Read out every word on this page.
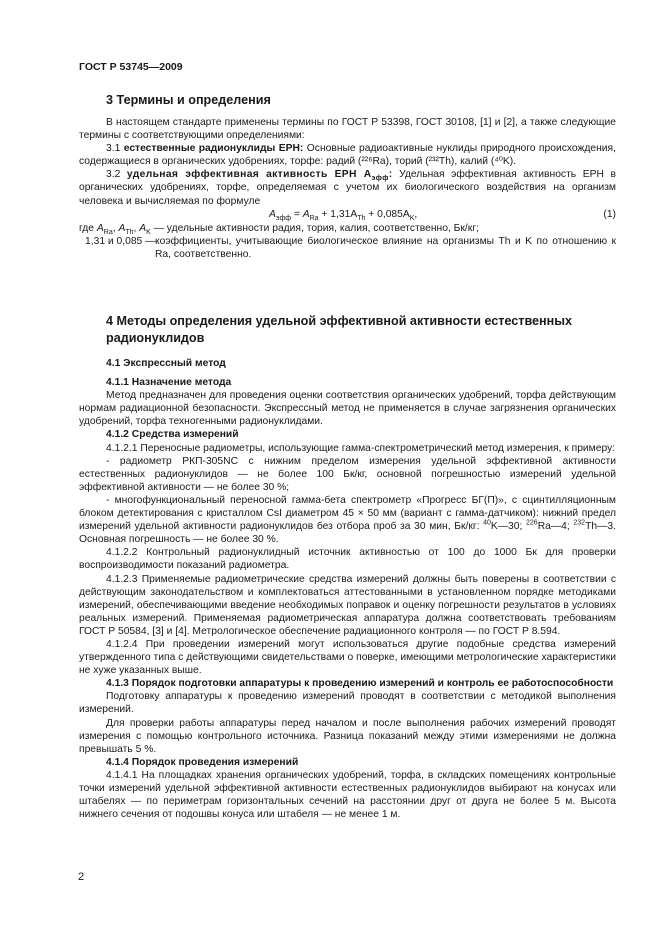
ГОСТ Р 53745—2009
3 Термины и определения

В настоящем стандарте применены термины по ГОСТ Р 53398, ГОСТ 30108, [1] и [2], а также следующие термины с соответствующими определениями:

3.1 естественные радионуклиды ЕРН: Основные радиоактивные нуклиды природного происхождения, содержащиеся в органических удобрениях, торфе: радий (²²⁶Ra), торий (²³²Th), калий (⁴⁰K).

3.2 удельная эффективная активность ЕРН $A_{эфф}$: Удельная эффективная активность ЕРН в органических удобрениях, торфе, определяемая с учетом их биологического воздействия на организм человека и вычисляемая по формуле

$A_{эфф} = A_{Ra} + 1,31A_{Th} + 0,085A_K$,	(1)

где $A_{Ra}$, $A_{Th}$, $A_K$ — удельные активности радия, тория, калия, соответственно, Бк/кг;

1,31 и 0,085 — коэффициенты, учитывающие биологическое влияние на организмы Th и K по отношению к Ra, соответственно.

4 Методы определения удельной эффективной активности естественных радионуклидов

4.1 Экспрессный метод

4.1.1 Назначение метода

Метод предназначен для проведения оценки соответствия органических удобрений, торфа действующим нормам радиационной безопасности. Экспрессный метод не применяется в случае загрязнения органических удобрений, торфа техногенными радионуклидами.

4.1.2 Средства измерений

4.1.2.1 Переносные радиометры, использующие гамма-спектрометрический метод измерения, к примеру:

- радиометр РКП-305NC с нижним пределом измерения удельной эффективной активности естественных радионуклидов — не более 100 Бк/кг, основной погрешностью измерений удельной эффективной активности — не более 30 %;

- многофункциональный переносной гамма-бета спектрометр «Прогресс БГ(П)», с сцинтилляционным блоком детектирования с кристаллом CsI диаметром 45 × 50 мм (вариант с гамма-датчиком): нижний предел измерений удельной активности радионуклидов без отбора проб за 30 мин, Бк/кг: $^{40}$K—30; $^{226}$Ra—4; $^{232}$Th—3. Основная погрешность — не более 30 %.

4.1.2.2 Контрольный радионуклидный источник активностью от 100 до 1000 Бк для проверки воспроизводимости показаний радиометра.

4.1.2.3 Применяемые радиометрические средства измерений должны быть поверены в соответствии с действующим законодательством и комплектоваться аттестованными в установленном порядке методиками измерений, обеспечивающими введение необходимых поправок и оценку погрешности результатов в условиях реальных измерений. Применяемая радиометрическая аппаратура должна соответствовать требованиям ГОСТ Р 50584, [3] и [4]. Метрологическое обеспечение радиационного контроля — по ГОСТ Р 8.594.

4.1.2.4 При проведении измерений могут использоваться другие подобные средства измерений утвержденного типа с действующими свидетельствами о поверке, имеющими метрологические характеристики не хуже указанных выше.

4.1.3 Порядок подготовки аппаратуры к проведению измерений и контроль ее работоспособности

Подготовку аппаратуры к проведению измерений проводят в соответствии с методикой выполнения измерений.

Для проверки работы аппаратуры перед началом и после выполнения рабочих измерений проводят измерения с помощью контрольного источника. Разница показаний между этими измерениями не должна превышать 5 %.

4.1.4 Порядок проведения измерений

4.1.4.1 На площадках хранения органических удобрений, торфа, в складских помещениях контрольные точки измерений удельной эффективной активности естественных радионуклидов выбирают на конусах или штабелях — по периметрам горизонтальных сечений на расстоянии друг от друга не более 5 м. Высота нижнего сечения от подошвы конуса или штабеля — не менее 1 м.

2
